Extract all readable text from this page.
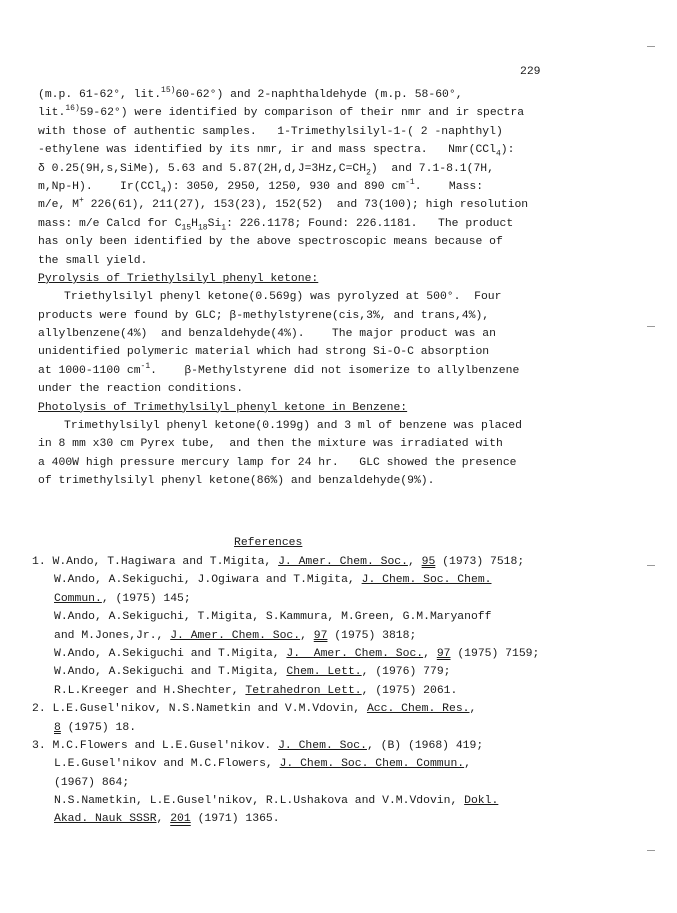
229
(m.p. 61-62°, lit.$^{15)}$60-62°) and 2-naphthaldehyde (m.p. 58-60°,
lit.$^{16)}$59-62°) were identified by comparison of their nmr and ir spectra
with those of authentic samples.   1-Trimethylsilyl-1-( 2 -naphthyl)
-ethylene was identified by its nmr, ir and mass spectra.   Nmr(CCl$_4$):
δ 0.25(9H,s,SiMe), 5.63 and $5.87(2H,d,J=3Hz,C=CH_2)$  and 7.1-8.1(7H,
m,Np-H).    Ir(CCl$_4$): 3050, 2950, 1250, 930 and 890 $cm^{-1}$.    Mass:
m/e, M+ 226(61), 211(27), 153(23), 152(52)  and 73(100); high resolution
mass: m/e Calcd for $C_{15}H_{18}Si_1$: 226.1178; Found: 226.1181.   The product
has only been identified by the above spectroscopic means because of
the small yield.
Pyrolysis of Triethylsilyl phenyl ketone:
Triethylsilyl phenyl ketone(0.569g) was pyrolyzed at 500°.  Four
products were found by GLC; β-methylstyrene(cis,3%, and trans,4%),
allylbenzene(4%)  and benzaldehyde(4%).    The major product was an
unidentified polymeric material which had strong Si-O-C absorption
at 1000-1100 $cm^{-1}$.    β-Methylstyrene did not isomerize to allylbenzene
under the reaction conditions.
Photolysis of Trimethylsilyl phenyl ketone in Benzene:
Trimethylsilyl phenyl ketone(0.199g) and 3 ml of benzene was placed
in 8 mm x30 cm Pyrex tube,  and then the mixture was irradiated with
a 400W high pressure mercury lamp for 24 hr.   GLC showed the presence
of trimethylsilyl phenyl ketone(86%) and benzaldehyde(9%).
References
1. W.Ando, T.Hagiwara and T.Migita, J. Amer. Chem. Soc., 95 (1973) 7518;
W.Ando, A.Sekiguchi, J.Ogiwara and T.Migita, J. Chem. Soc. Chem.
Commun., (1975) 145;
W.Ando, A.Sekiguchi, T.Migita, S.Kammura, M.Green, G.M.Maryanoff
and M.Jones,Jr., J. Amer. Chem. Soc., 97 (1975) 3818;
W.Ando, A.Sekiguchi and T.Migita, J.  Amer. Chem. Soc., 97 (1975) 7159;
W.Ando, A.Sekiguchi and T.Migita, Chem. Lett., (1976) 779;
R.L.Kreeger and H.Shechter, Tetrahedron Lett., (1975) 2061.
2. L.E.Gusel'nikov, N.S.Nametkin and V.M.Vdovin, Acc. Chem. Res.,
8 (1975) 18.
3. M.C.Flowers and L.E.Gusel'nikov. J. Chem. Soc., (B) (1968) 419;
L.E.Gusel'nikov and M.C.Flowers, J. Chem. Soc. Chem. Commun.,
(1967) 864;
N.S.Nametkin, L.E.Gusel'nikov, R.L.Ushakova and V.M.Vdovin, Dokl.
Akad. Nauk SSSR, 201 (1971) 1365.
